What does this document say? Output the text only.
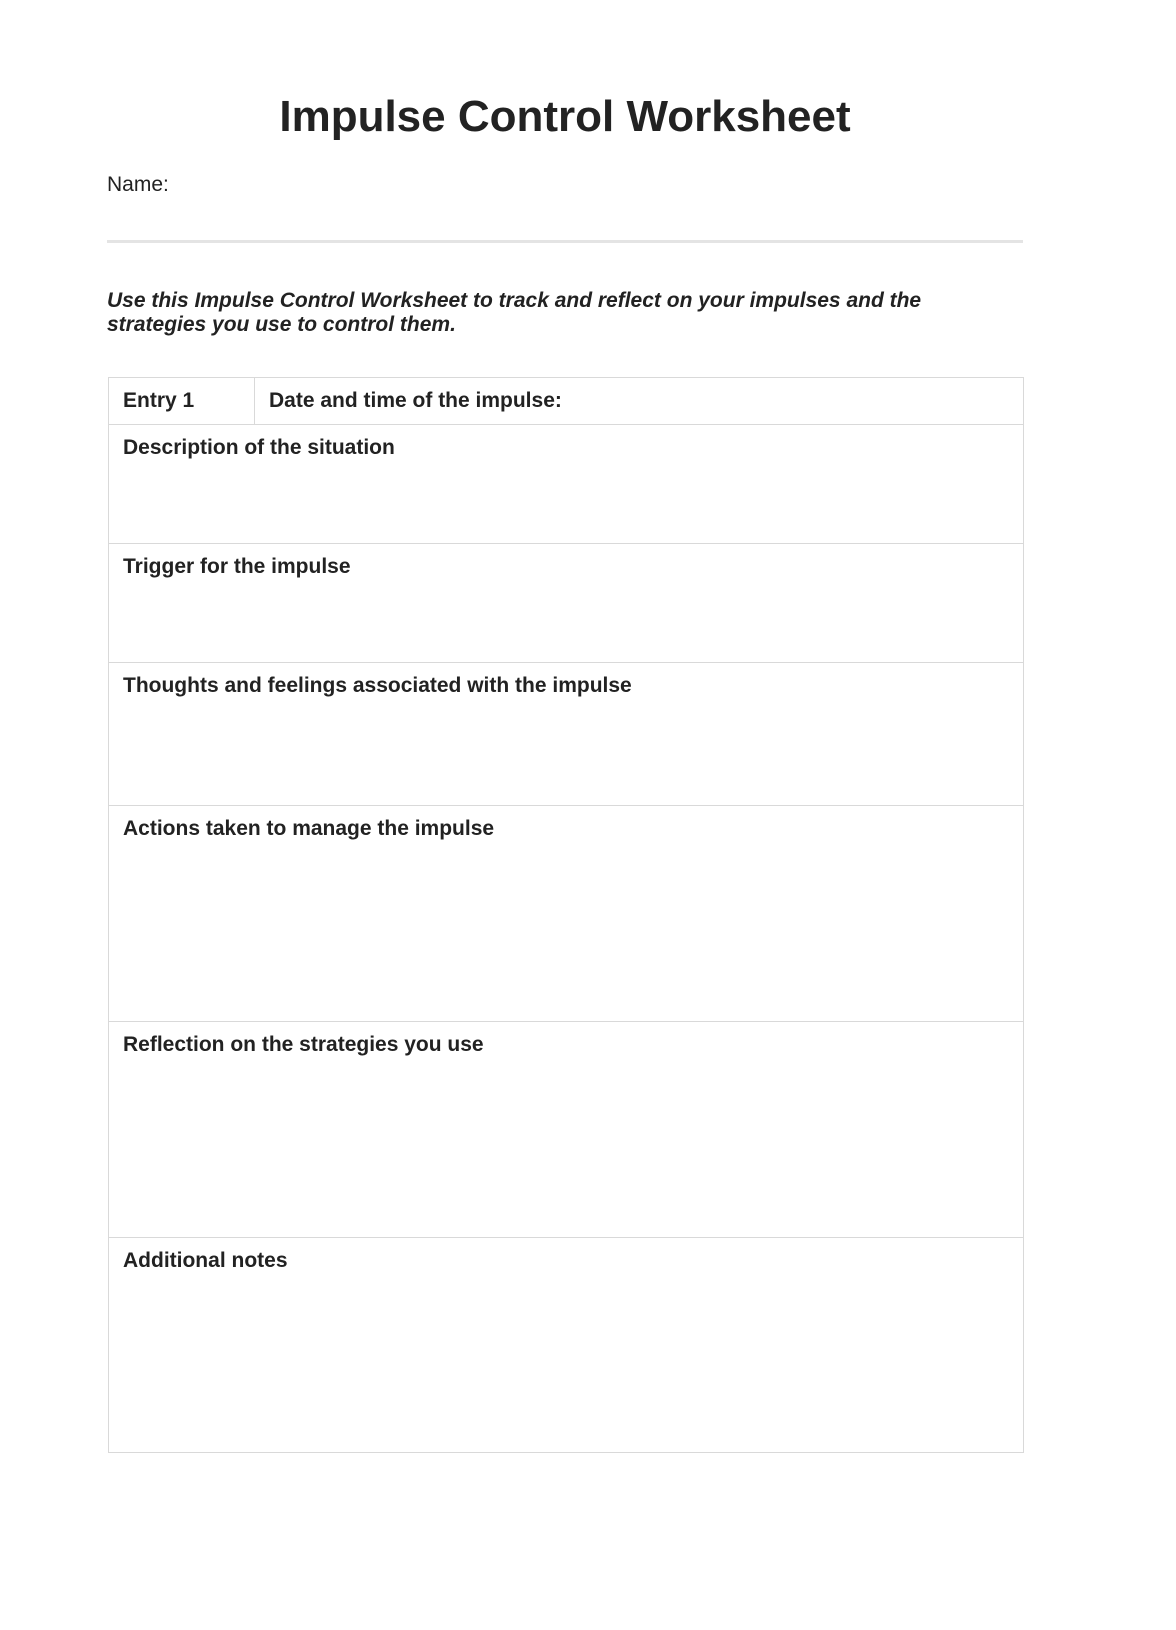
Impulse Control Worksheet
Name:
Use this Impulse Control Worksheet to track and reflect on your impulses and the strategies you use to control them.
Entry 1	Date and time of the impulse:

Description of the situation

Trigger for the impulse

Thoughts and feelings associated with the impulse

Actions taken to manage the impulse

Reflection on the strategies you use

Additional notes
